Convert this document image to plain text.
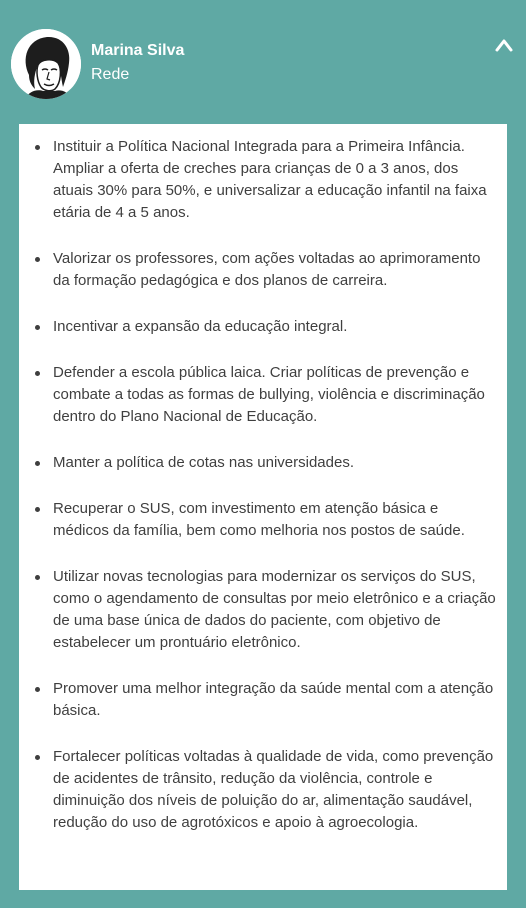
Marina Silva
Rede
Instituir a Política Nacional Integrada para a Primeira Infância. Ampliar a oferta de creches para crianças de 0 a 3 anos, dos atuais 30% para 50%, e universalizar a educação infantil na faixa etária de 4 a 5 anos.
Valorizar os professores, com ações voltadas ao aprimoramento da formação pedagógica e dos planos de carreira.
Incentivar a expansão da educação integral.
Defender a escola pública laica. Criar políticas de prevenção e combate a todas as formas de bullying, violência e discriminação dentro do Plano Nacional de Educação.
Manter a política de cotas nas universidades.
Recuperar o SUS, com investimento em atenção básica e médicos da família, bem como melhoria nos postos de saúde.
Utilizar novas tecnologias para modernizar os serviços do SUS, como o agendamento de consultas por meio eletrônico e a criação de uma base única de dados do paciente, com objetivo de estabelecer um prontuário eletrônico.
Promover uma melhor integração da saúde mental com a atenção básica.
Fortalecer políticas voltadas à qualidade de vida, como prevenção de acidentes de trânsito, redução da violência, controle e diminuição dos níveis de poluição do ar, alimentação saudável, redução do uso de agrotóxicos e apoio à agroecologia.
